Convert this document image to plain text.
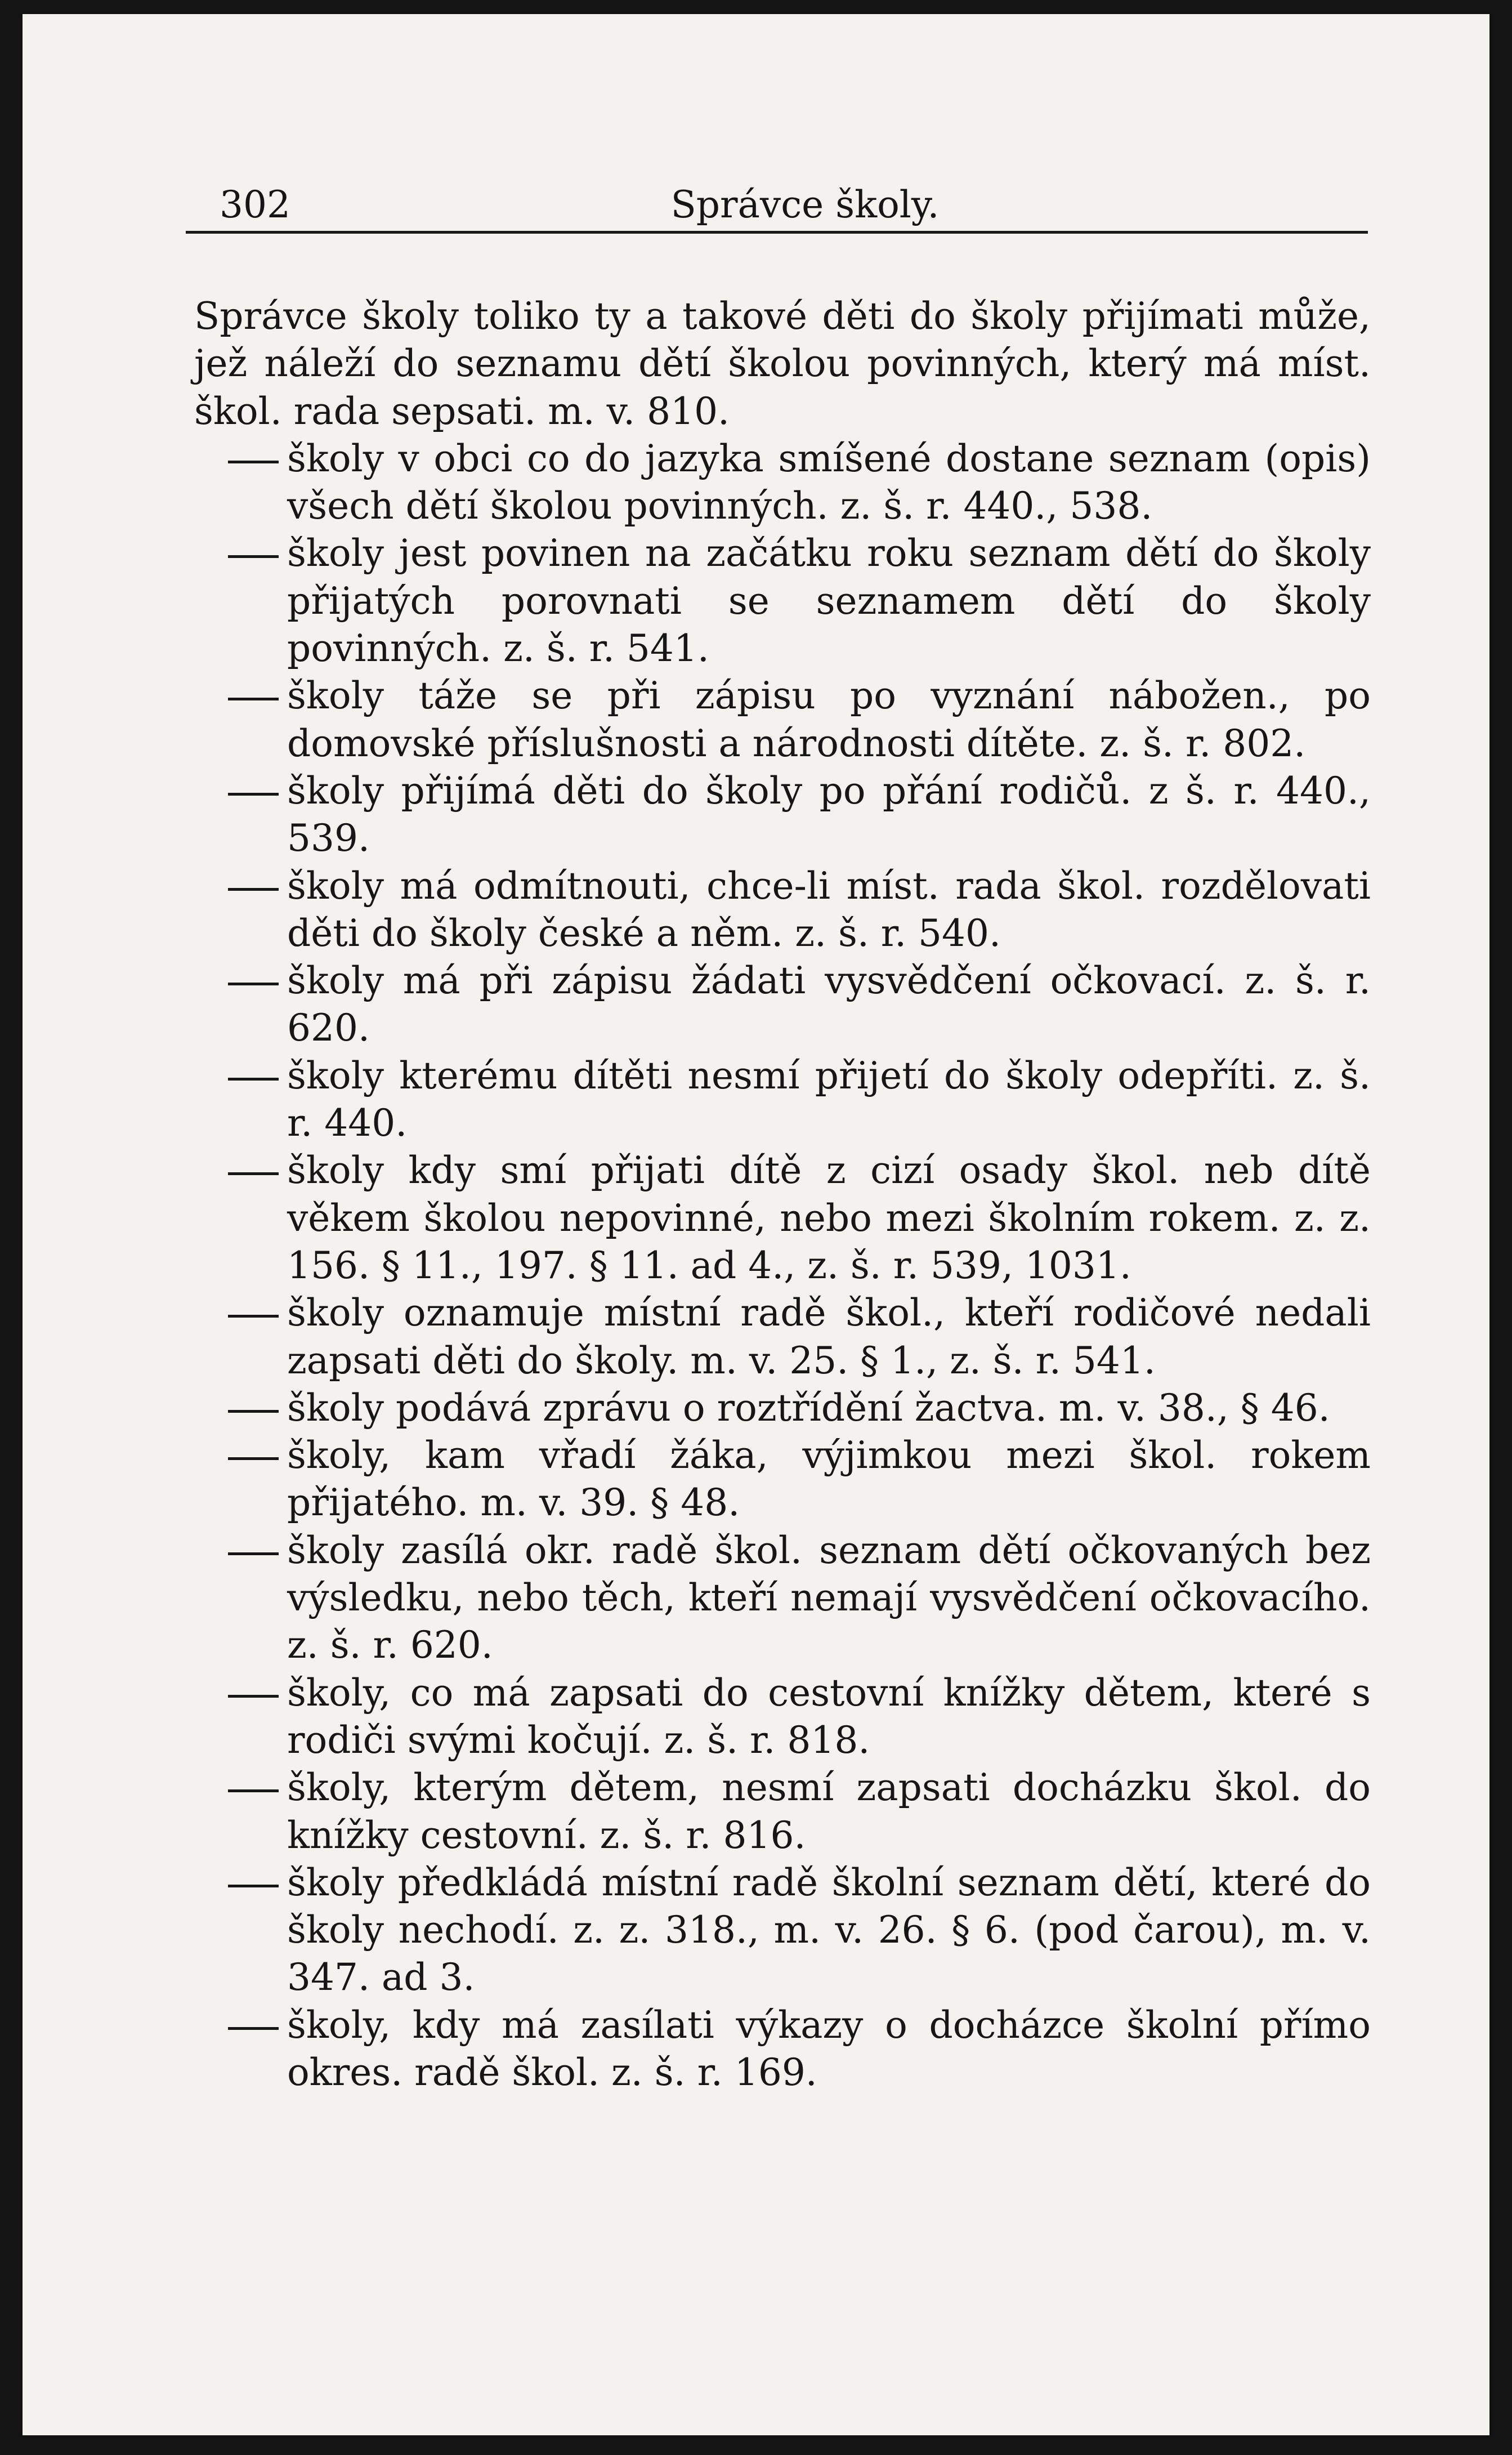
302	Správce školy.

Správce školy toliko ty a takové děti do školy přijímati může, jež náleží do seznamu dětí školou povinných, který má míst. škol. rada sepsati. m. v. 810.

školy v obci co do jazyka smíšené dostane seznam (opis) všech dětí školou povinných. z. š. r. 440., 538.

školy jest povinen na začátku roku seznam dětí do školy přijatých porovnati se seznamem dětí do školy povinných. z. š. r. 541.

školy táže se při zápisu po vyznání nábožen., po domovské příslušnosti a národnosti dítěte. z. š. r. 802.

školy přijímá děti do školy po přání rodičů. z š. r. 440., 539.

školy má odmítnouti, chce-li míst. rada škol. rozdělovati děti do školy české a něm. z. š. r. 540.

školy má při zápisu žádati vysvědčení očkovací. z. š. r. 620.

školy kterému dítěti nesmí přijetí do školy odepříti. z. š. r. 440.

školy kdy smí přijati dítě z cizí osady škol. neb dítě věkem školou nepovinné, nebo mezi školním rokem. z. z. 156. § 11., 197. § 11. ad 4., z. š. r. 539, 1031.

školy oznamuje místní radě škol., kteří rodičové nedali zapsati děti do školy. m. v. 25. § 1., z. š. r. 541.

školy podává zprávu o roztřídění žactva. m. v. 38., § 46.

školy, kam vřadí žáka, výjimkou mezi škol. rokem přijatého. m. v. 39. § 48.

školy zasílá okr. radě škol. seznam dětí očkovaných bez výsledku, nebo těch, kteří nemají vysvědčení očkovacího. z. š. r. 620.

školy, co má zapsati do cestovní knížky dětem, které s rodiči svými kočují. z. š. r. 818.

školy, kterým dětem, nesmí zapsati docházku škol. do knížky cestovní. z. š. r. 816.

školy předkládá místní radě školní seznam dětí, které do školy nechodí. z. z. 318., m. v. 26. § 6. (pod čarou), m. v. 347. ad 3.

školy, kdy má zasílati výkazy o docházce školní přímo okres. radě škol. z. š. r. 169.
